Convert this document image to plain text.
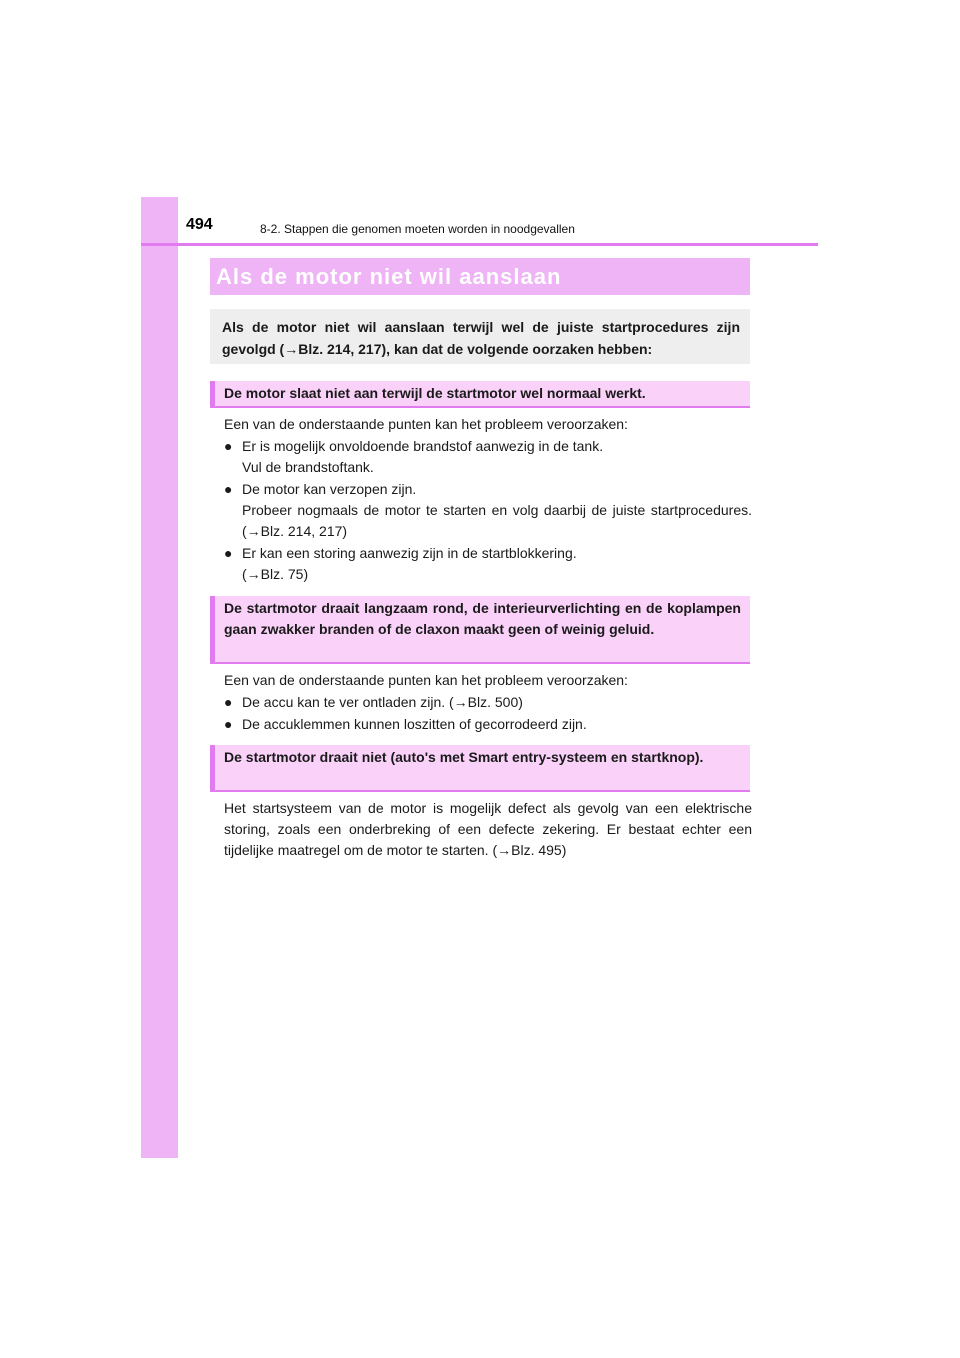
494	8-2. Stappen die genomen moeten worden in noodgevallen
Als de motor niet wil aanslaan
Als de motor niet wil aanslaan terwijl wel de juiste startprocedures zijn gevolgd (→Blz. 214, 217), kan dat de volgende oorzaken hebben:
De motor slaat niet aan terwijl de startmotor wel normaal werkt.

Een van de onderstaande punten kan het probleem veroorzaken:

● Er is mogelijk onvoldoende brandstof aanwezig in de tank.
Vul de brandstoftank.
● De motor kan verzopen zijn.
Probeer nogmaals de motor te starten en volg daarbij de juiste startprocedures. (→Blz. 214, 217)
● Er kan een storing aanwezig zijn in de startblokkering.
(→Blz. 75)
De startmotor draait langzaam rond, de interieurverlichting en de koplampen gaan zwakker branden of de claxon maakt geen of weinig geluid.

Een van de onderstaande punten kan het probleem veroorzaken:

● De accu kan te ver ontladen zijn. (→Blz. 500)
● De accuklemmen kunnen loszitten of gecorrodeerd zijn.
De startmotor draait niet (auto's met Smart entry-systeem en startknop).
Het startsysteem van de motor is mogelijk defect als gevolg van een elektrische storing, zoals een onderbreking of een defecte zekering. Er bestaat echter een tijdelijke maatregel om de motor te starten. (→Blz. 495)
